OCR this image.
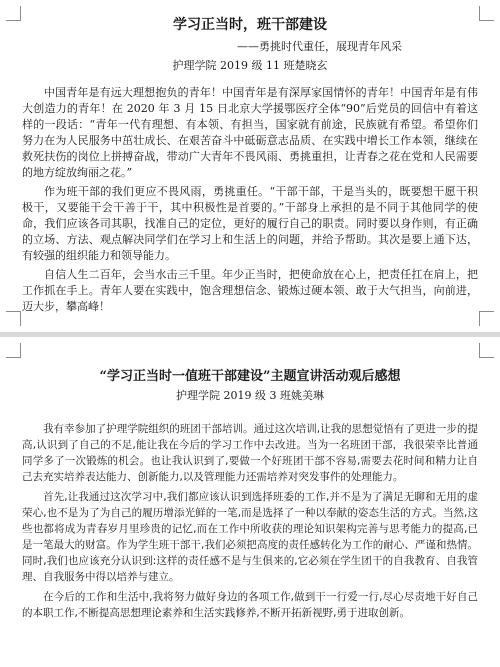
学习正当时，班干部建设
——勇挑时代重任，展现青年风采
护理学院 2019 级 11 班楚晓玄

中国青年是有远大理想抱负的青年！中国青年是有深厚家国情怀的青年！中国青年是有伟大创造力的青年！在 2020 年 3 月 15 日北京大学援鄂医疗全体“90”后党员的回信中有着这样的一段话：“青年一代有理想、有本领、有担当，国家就有前途，民族就有希望。希望你们努力在为人民服务中茁壮成长、在艰苦奋斗中砥砺意志品质、在实践中增长工作本领，继续在救死扶伤的岗位上拼搏奋战，带动广大青年不畏风雨、勇挑重担，让青春之花在党和人民需要的地方绽放绚丽之花。”

作为班干部的我们更应不畏风雨，勇挑重任。“干部干部，干是当头的，既要想干愿干积极干，又要能干会干善于干，其中积极性是首要的。”干部身上承担的是不同于其他同学的使命，我们应该各司其职，找准自己的定位，更好的履行自己的职责。同时要以身作则，有正确的立场、方法、观点解决同学们在学习上和生活上的问题，并给予帮助。其次是要上通下达，有较强的组织能力和领导能力。

自信人生二百年，会当水击三千里。年少正当时，把使命放在心上，把责任扛在肩上，把工作抓在手上。青年人要在实践中，饱含理想信念、锻炼过硬本领、敢于大气担当，向前进，迈大步，攀高峰！

“学习正当时一值班干部建设”主题宣讲活动观后感想
护理学院 2019 级 3 班姚美琳

我有幸参加了护理学院组织的班团干部培训。通过这次培训,让我的思想觉悟有了更进一步的提高,认识到了自己的不足,能让我在今后的学习工作中去改进。当为一名班团干部，我很荣幸比普通同学多了一次锻炼的机会。也让我认识到了,要做一个好班团干部不容易,需要去花时间和精力让自己去充实培养表达能力、创新能力,以及管理能力还需培养对突发事件的处理能力。

首先,让我通过这次学习中,我们都应该认识到选择班委的工作,并不是为了满足无聊和无用的虚荣心,也不是为了为自己的履历增添光鲜的一笔,而是选择了一种以奉献的姿态生活的方式。当然,这些也都将成为青春岁月里珍贵的记忆,而在工作中所收获的理论知识架构完善与思考能力的提高,已是一笔最大的财富。作为学生班干部干,我们必须把高度的责任感转化为工作的耐心、严谨和热情。同时,我们也应该充分认识到:这样的责任感不是与生俱来的,它必须在学生团干的自我教育、自我管理、自我服务中得以培养与建立。

在今后的工作和生活中,我将努力做好身边的各项工作,做到干一行爱一行,尽心尽责地干好自己的本职工作,不断提高思想理论素养和生活实践修养,不断开拓新视野,勇于进取创新。
